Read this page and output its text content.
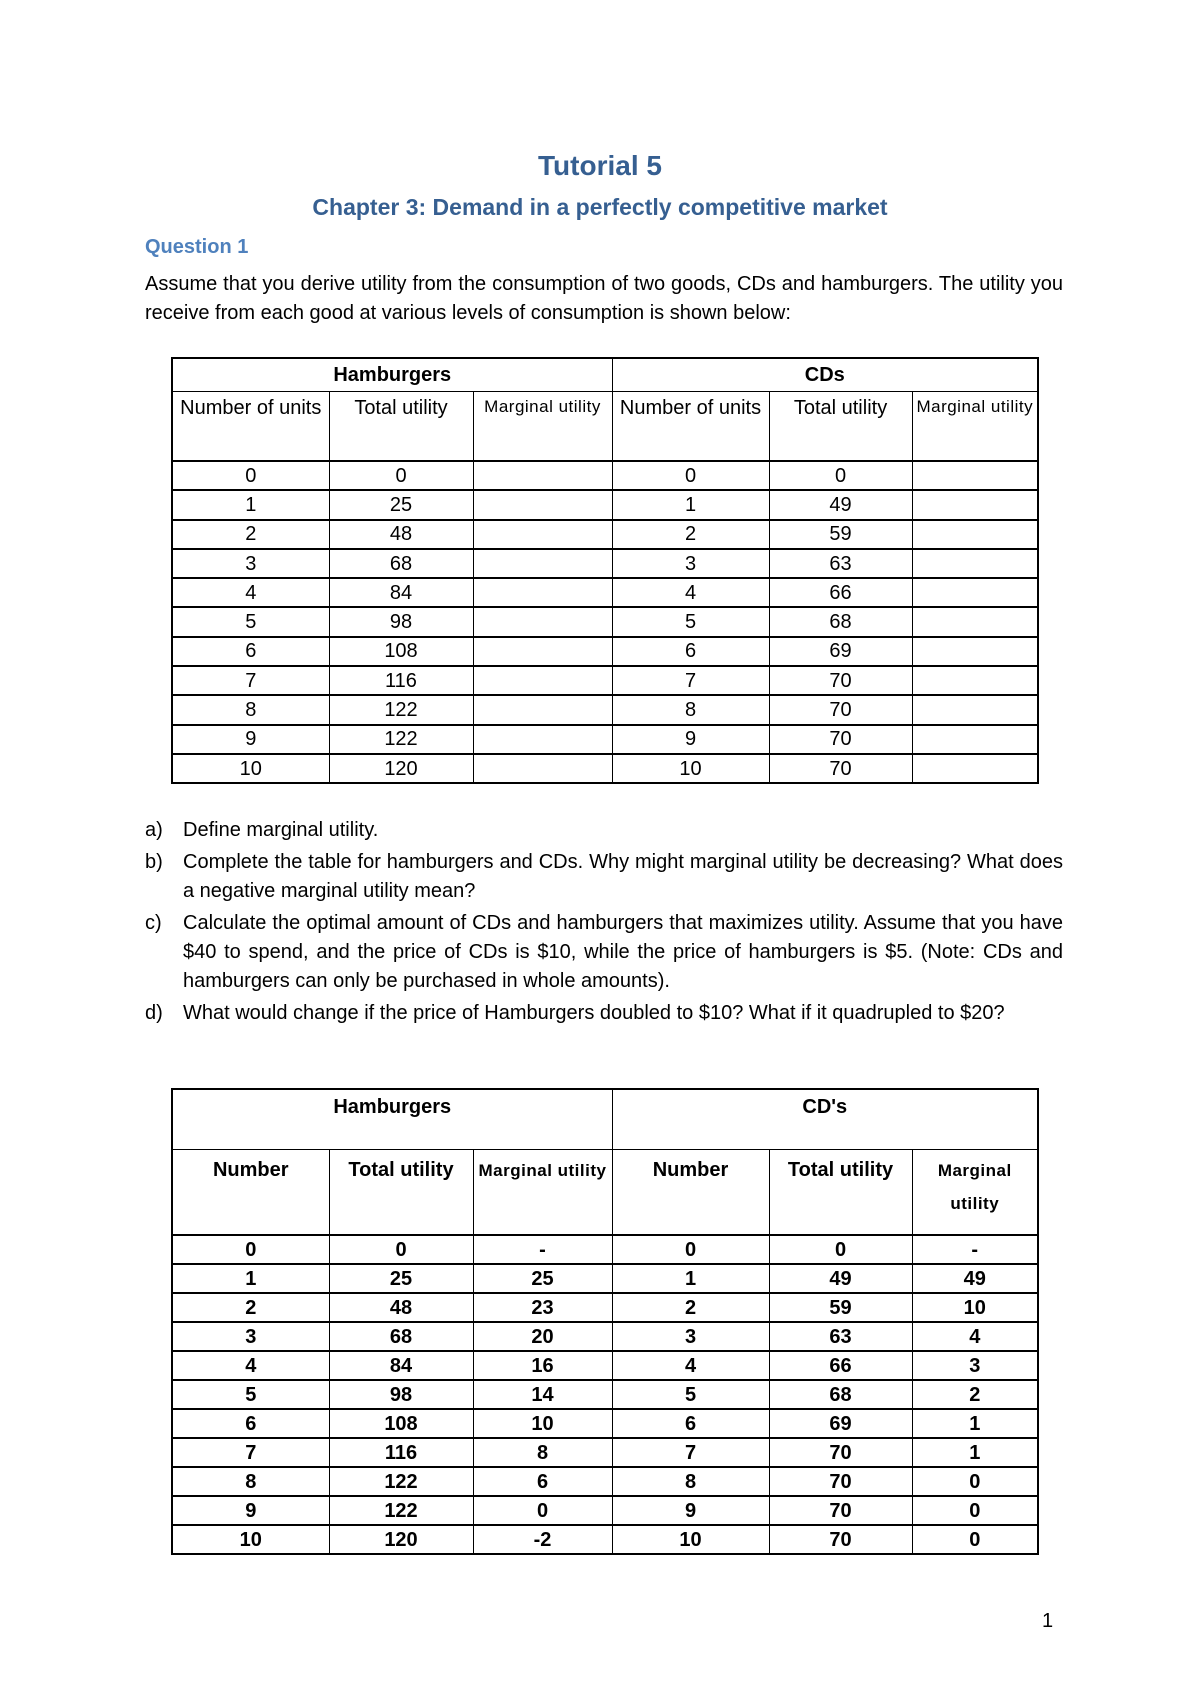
Tutorial 5
Chapter 3: Demand in a perfectly competitive market
Question 1
Assume that you derive utility from the consumption of two goods, CDs and hamburgers. The utility you receive from each good at various levels of consumption is shown below:
Hamburgers			CDs		
Number of units	Total utility	Marginal utility	Number of units	Total utility	Marginal utility
0	0		0	0	
1	25		1	49	
2	48		2	59	
3	68		3	63	
4	84		4	66	
5	98		5	68	
6	108		6	69	
7	116		7	70	
8	122		8	70	
9	122		9	70	
10	120		10	70	
a)	Define marginal utility.
b)	Complete the table for hamburgers and CDs. Why might marginal utility be decreasing? What does a negative marginal utility mean?
c)	Calculate the optimal amount of CDs and hamburgers that maximizes utility. Assume that you have $40 to spend, and the price of CDs is $10, while the price of hamburgers is $5. (Note: CDs and hamburgers can only be purchased in whole amounts).
d)	What would change if the price of Hamburgers doubled to $10? What if it quadrupled to $20?
Hamburgers			CD's		
Number	Total utility	Marginal utility	Number	Total utility	Marginal utility
0	0	-	0	0	-
1	25	25	1	49	49
2	48	23	2	59	10
3	68	20	3	63	4
4	84	16	4	66	3
5	98	14	5	68	2
6	108	10	6	69	1
7	116	8	7	70	1
8	122	6	8	70	0
9	122	0	9	70	0
10	120	-2	10	70	0
1
